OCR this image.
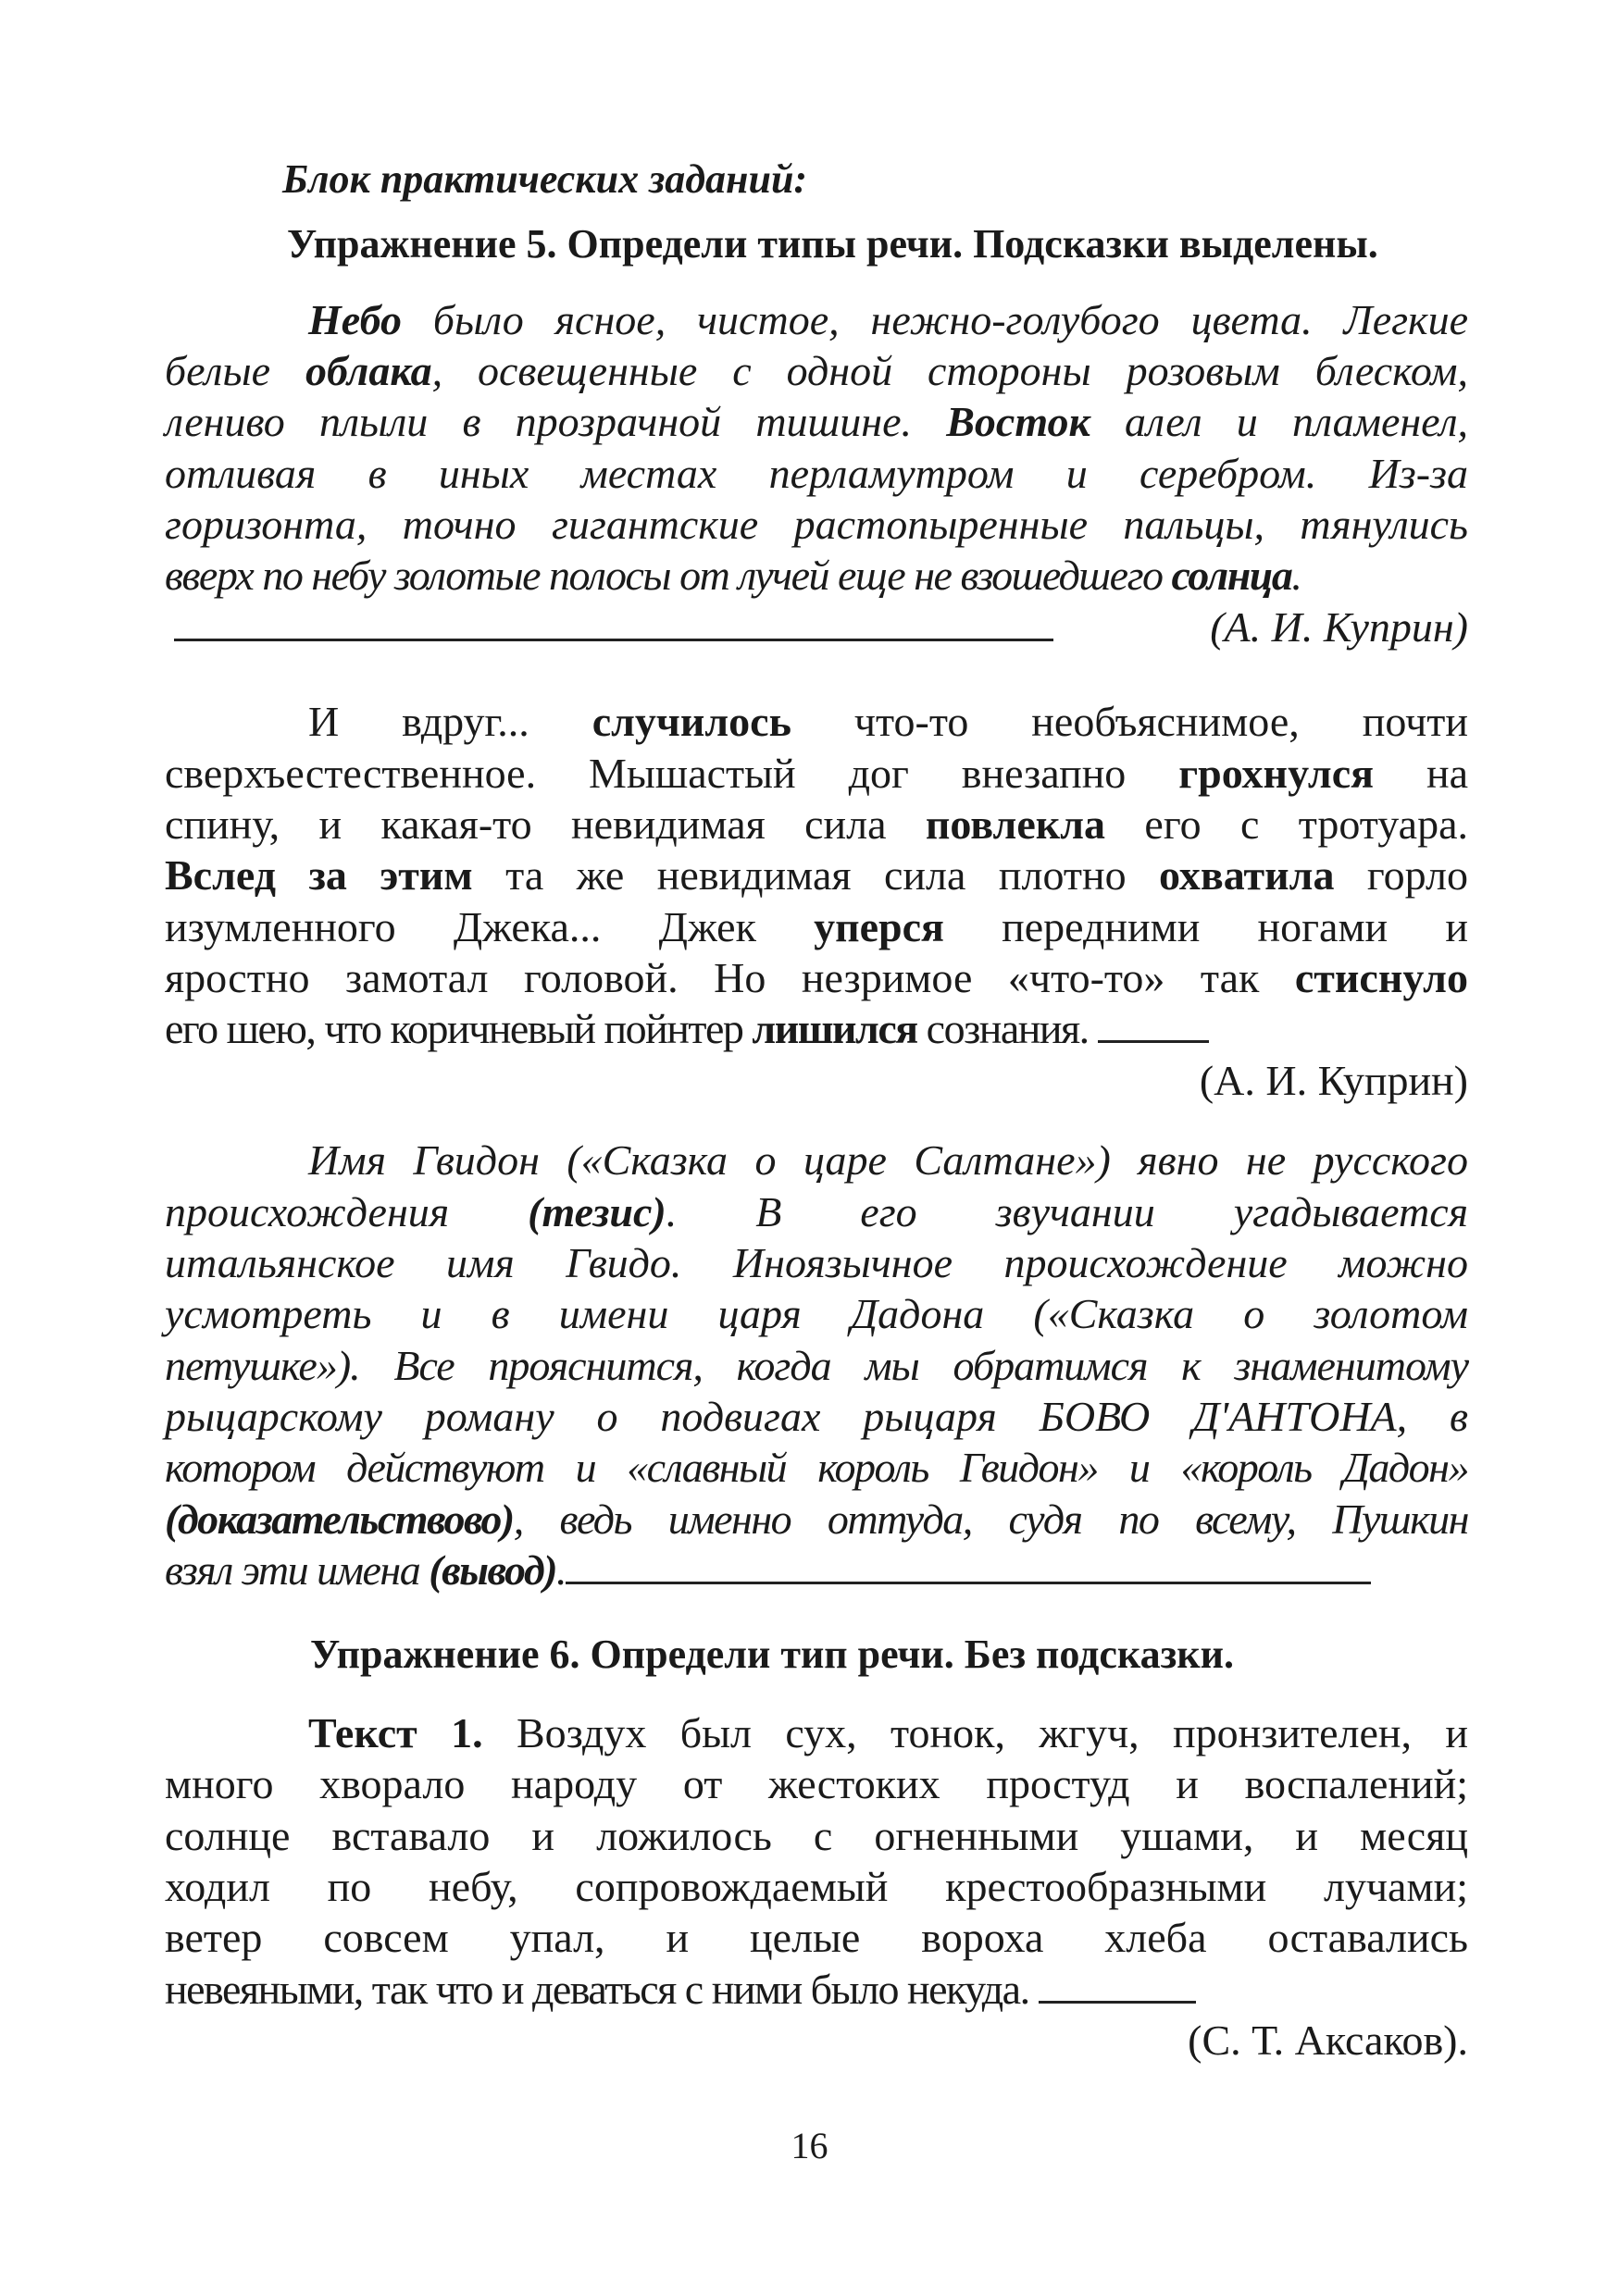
Блок практических заданий:
Упражнение 5. Определи типы речи. Подсказки выделены.
Небо было ясное, чистое, нежно-голубого цвета. Легкие
белые облака, освещенные с одной стороны розовым блеском,
лениво плыли в прозрачной тишине. Восток алел и пламенел,
отливая в иных местах перламутром и серебром. Из-за
горизонта, точно гигантские растопыренные пальцы, тянулись
вверх по небу золотые полосы от лучей еще не взошедшего солнца.
(А. И. Куприн)
И вдруг... случилось что-то необъяснимое, почти
сверхъестественное. Мышастый дог внезапно грохнулся на
спину, и какая-то невидимая сила повлекла его с тротуара.
Вслед за этим та же невидимая сила плотно охватила горло
изумленного Джека... Джек уперся передними ногами и
яростно замотал головой. Но незримое «что-то» так стиснуло
его шею, что коричневый пойнтер лишился сознания.
(А. И. Куприн)
Имя Гвидон («Сказка о царе Салтане») явно не русского
происхождения (тезис). В его звучании угадывается
итальянское имя Гвидо. Иноязычное происхождение можно
усмотреть и в имени царя Дадона («Сказка о золотом
петушке»). Все прояснится, когда мы обратимся к знаменитому
рыцарскому роману о подвигах рыцаря БОВО Д'АНТОНА, в
котором действуют и «славный король Гвидон» и «король Дадон»
(доказательствово), ведь именно оттуда, судя по всему, Пушкин
взял эти имена (вывод).
Упражнение 6. Определи тип речи. Без подсказки.
Текст 1. Воздух был сух, тонок, жгуч, пронзителен, и
много хворало народу от жестоких простуд и воспалений;
солнце вставало и ложилось с огненными ушами, и месяц
ходил по небу, сопровождаемый крестообразными лучами;
ветер совсем упал, и целые вороха хлеба оставались
невеяными, так что и деваться с ними было некуда.
(С. Т. Аксаков).
16
